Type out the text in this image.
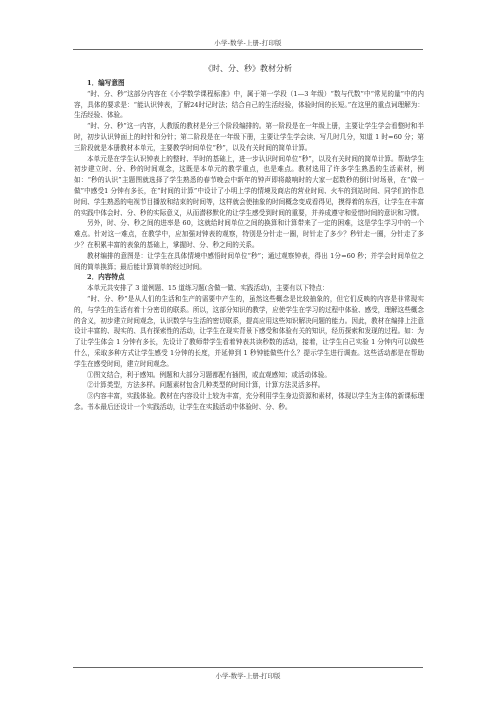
小学-数学-上册-打印版
《时、分、秒》教材分析

1．编写意图

“时、分、秒”这部分内容在《小学数学课程标准》中，属于第一学段（1—3 年级）“数与代数”中“常见的量”中的内容，具体的要求是：“能认识钟表，了解24时记时法；结合自己的生活经验，体验时间的长短。”在这里的重点词理解为：生活经验、体验。

“时、分、秒”这一内容，人教版的教材是分三个阶段编排的。第一阶段是在一年级上册，主要让学生学会看整时和半时，初步认识钟面上的时针和分针；第二阶段是在一年级下册，主要让学生学会读、写几时几分，知道 1 时=60 分；第三阶段就是本册教材本单元，主要教学时间单位“秒”，以及有关时间的简单计算。

本单元是在学生认识钟表上的整时、半时的基础上，进一步认识时间单位“秒”，以及有关时间的简单计算。帮助学生初步建立时、分、秒的时间观念，这既是本单元的教学重点，也是难点。教材选用了许多学生熟悉的生活素材，例如：“秒的认识”主题图就选择了学生熟悉的春节晚会中新年的钟声即将敲响时的大家一起数秒的倒计时场景，在“做一做”中感受1 分钟有多长，在“时间的计算”中设计了小明上学的情境及商店的营业时间、火车的到站时间、同学们的作息时间、学生熟悉的电视节目播放和结束的时间等，这样就会使抽象的时间概念变成看得见，摸得着的东西，让学生在丰富的实践中体会时、分、秒的实际意义，从而潜移默化的让学生感受到时间的重要，并养成遵守和爱惜时间的意识和习惯。

另外，时、分、秒之间的进率是 60，这就给时间单位之间的换算和计算带来了一定的困难，这是学生学习中的一个难点。针对这一难点，在教学中，应加强对钟表的观察，特别是分针走一圈，时针走了多少？秒针走一圈，分针走了多少？在积累丰富的表象的基础上，掌握时、分、秒之间的关系。

教材编排的意图是：让学生在具体情境中感悟时间单位“秒”；通过观察钟表，得出 1分=60 秒；并学会时间单位之间的简单换算；最后能计算简单的经过时间。

2．内容特点

本单元共安排了 3 道例题、15 道练习题(含做一做、实践活动)，主要有以下特点：

“时、分、秒”是从人们的生活和生产的需要中产生的，虽然这些概念是比较抽象的，但它们反映的内容是非常现实的，与学生的生活有着十分密切的联系。所以，这部分知识的教学，应使学生在学习的过程中体验、感受，理解这些概念的含义，初步建立时间观念，认识数学与生活的密切联系，提高应用这些知识解决问题的能力。因此，教材在编排上注意设计丰富的、现实的、具有探索性的活动，让学生在现实背景下感受和体验有关的知识，经历探索和发现的过程。如：为了让学生体会 1 分钟有多长，先设计了教师带学生看着钟表共读秒数的活动，接着，让学生自己实验 1 分钟内可以做些什么，采取多种方式让学生感受 1分钟的长度，并延伸到 1 秒钟能做些什么？提示学生进行调查。这些活动都是在帮助学生在感受时间，建立时间观念。

①图文结合，利于感知。例题和大部分习题都配有插图，或直观感知；或活动体验。

②计算类型，方法多样。问题素材包含几种类型的时间计算，计算方法灵活多样。

③内容丰富，实践体验。教材在内容设计上较为丰富，充分利用学生身边资源和素材，体现以学生为主体的新课标理念。书本最后还设计一个实践活动，让学生在实践活动中体验时、分、秒。

小学-数学-上册-打印版
